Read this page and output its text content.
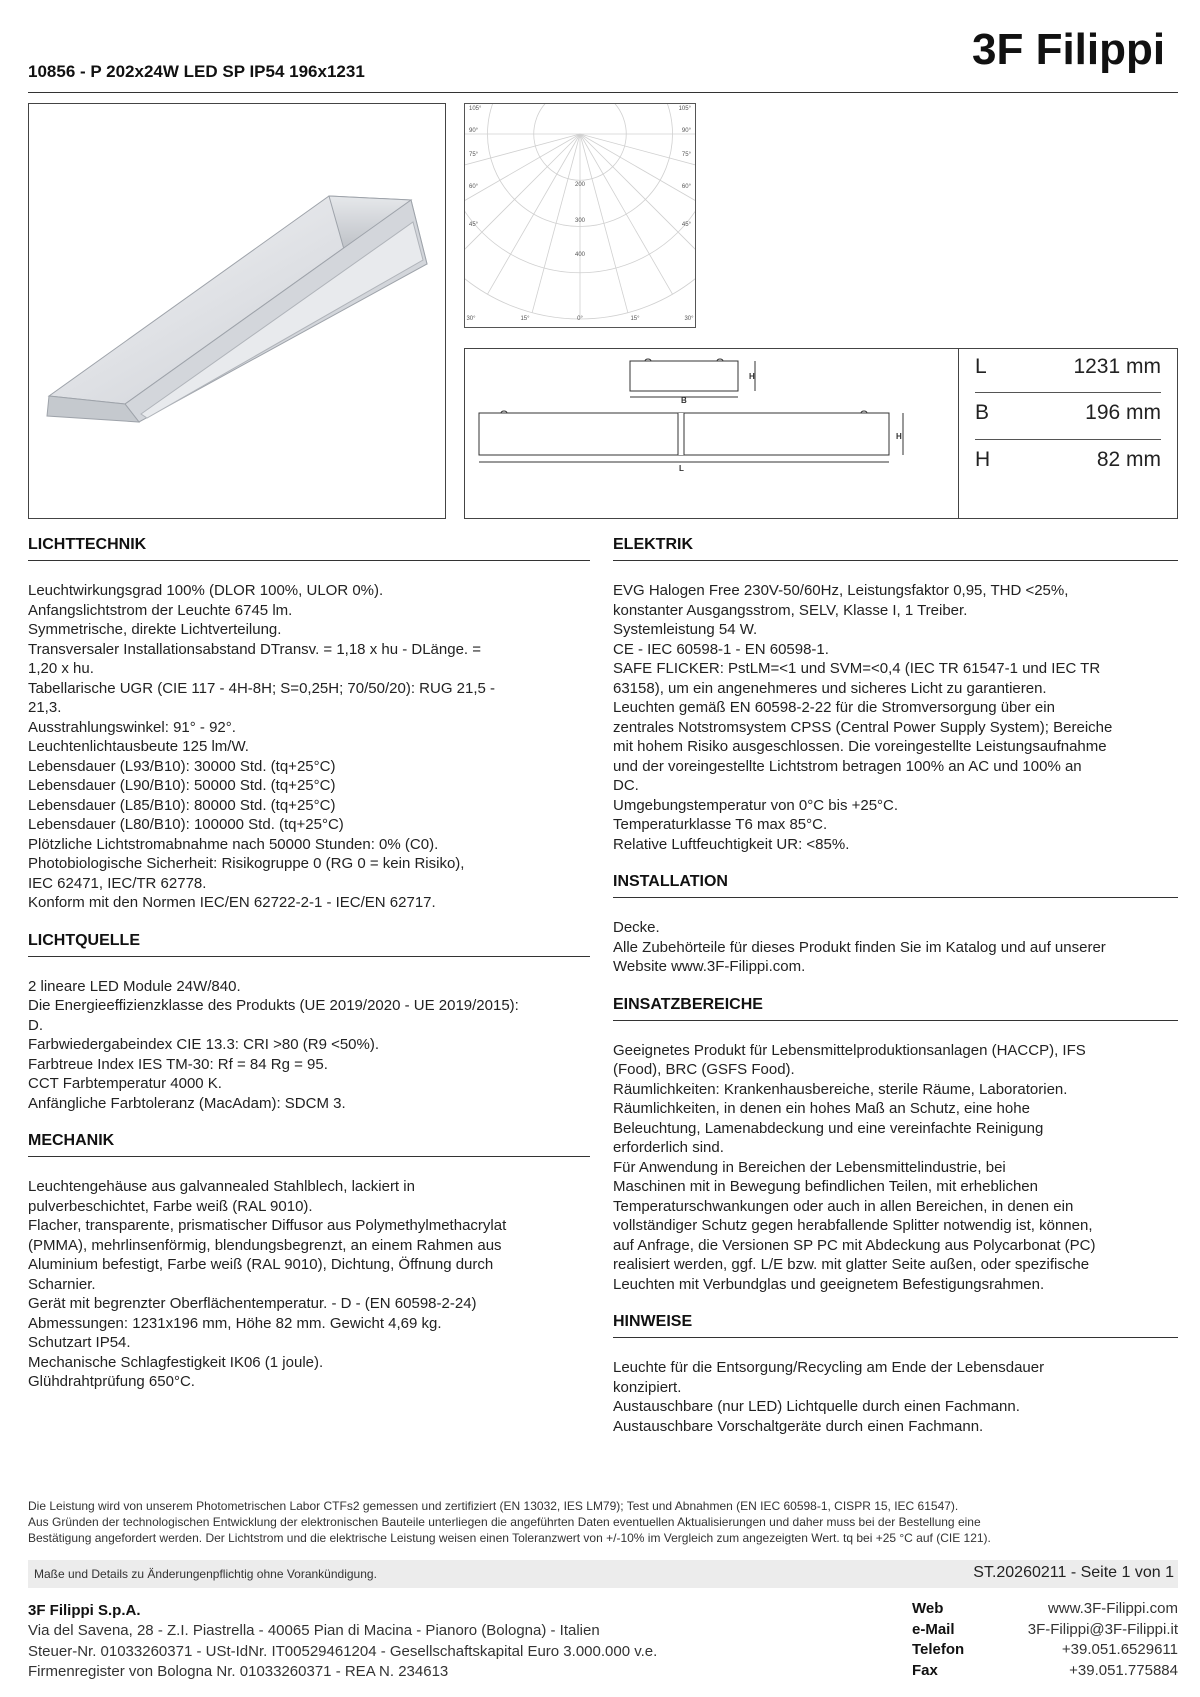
10856 - P 202x24W LED SP IP54 196x1231	3F Filippi
105°	105°
90°	90°
75°	75°
60°	60°
45°	45°
30°	15°	0°	15°	30°
200
300
400
B
H
H
L
L	1231 mm
B	196 mm
H	82 mm
LICHTTECHNIK
Leuchtwirkungsgrad 100% (DLOR 100%, ULOR 0%).
Anfangslichtstrom der Leuchte 6745 lm.
Symmetrische, direkte Lichtverteilung.
Transversaler Installationsabstand DTransv. = 1,18 x hu - DLänge. =
1,20 x hu.
Tabellarische UGR (CIE 117 - 4H-8H; S=0,25H; 70/50/20): RUG 21,5 -
21,3.
Ausstrahlungswinkel: 91° - 92°.
Leuchtenlichtausbeute 125 lm/W.
Lebensdauer (L93/B10): 30000 Std. (tq+25°C)
Lebensdauer (L90/B10): 50000 Std. (tq+25°C)
Lebensdauer (L85/B10): 80000 Std. (tq+25°C)
Lebensdauer (L80/B10): 100000 Std. (tq+25°C)
Plötzliche Lichtstromabnahme nach 50000 Stunden: 0% (C0).
Photobiologische Sicherheit: Risikogruppe 0 (RG 0 = kein Risiko),
IEC 62471, IEC/TR 62778.
Konform mit den Normen IEC/EN 62722-2-1 - IEC/EN 62717.
LICHTQUELLE
2 lineare LED Module 24W/840.
Die Energieeffizienzklasse des Produkts (UE 2019/2020 - UE 2019/2015):
D.
Farbwiedergabeindex CIE 13.3: CRI >80 (R9 <50%).
Farbtreue Index IES TM-30: Rf = 84 Rg = 95.
CCT Farbtemperatur 4000 K.
Anfängliche Farbtoleranz (MacAdam): SDCM 3.
MECHANIK
Leuchtengehäuse aus galvannealed Stahlblech, lackiert in
pulverbeschichtet, Farbe weiß (RAL 9010).
Flacher, transparente, prismatischer Diffusor aus Polymethylmethacrylat
(PMMA), mehrlinsenförmig, blendungsbegrenzt, an einem Rahmen aus
Aluminium befestigt, Farbe weiß (RAL 9010), Dichtung, Öffnung durch
Scharnier.
Gerät mit begrenzter Oberflächentemperatur. - D - (EN 60598-2-24)
Abmessungen: 1231x196 mm, Höhe 82 mm. Gewicht 4,69 kg.
Schutzart IP54.
Mechanische Schlagfestigkeit IK06 (1 joule).
Glühdrahtprüfung 650°C.
ELEKTRIK
EVG Halogen Free 230V-50/60Hz, Leistungsfaktor 0,95, THD <25%,
konstanter Ausgangsstrom, SELV, Klasse I, 1 Treiber.
Systemleistung 54 W.
CE - IEC 60598-1 - EN 60598-1.
SAFE FLICKER: PstLM=<1 und SVM=<0,4 (IEC TR 61547-1 und IEC TR
63158), um ein angenehmeres und sicheres Licht zu garantieren.
Leuchten gemäß EN 60598-2-22 für die Stromversorgung über ein
zentrales Notstromsystem CPSS (Central Power Supply System); Bereiche
mit hohem Risiko ausgeschlossen. Die voreingestellte Leistungsaufnahme
und der voreingestellte Lichtstrom betragen 100% an AC und 100% an
DC.
Umgebungstemperatur von 0°C bis +25°C.
Temperaturklasse T6 max 85°C.
Relative Luftfeuchtigkeit UR: <85%.
INSTALLATION
Decke.
Alle Zubehörteile für dieses Produkt finden Sie im Katalog und auf unserer
Website www.3F-Filippi.com.
EINSATZBEREICHE
Geeignetes Produkt für Lebensmittelproduktionsanlagen (HACCP), IFS
(Food), BRC (GSFS Food).
Räumlichkeiten: Krankenhausbereiche, sterile Räume, Laboratorien.
Räumlichkeiten, in denen ein hohes Maß an Schutz, eine hohe
Beleuchtung, Lamenabdeckung und eine vereinfachte Reinigung
erforderlich sind.
Für Anwendung in Bereichen der Lebensmittelindustrie, bei
Maschinen mit in Bewegung befindlichen Teilen, mit erheblichen
Temperaturschwankungen oder auch in allen Bereichen, in denen ein
vollständiger Schutz gegen herabfallende Splitter notwendig ist, können,
auf Anfrage, die Versionen SP PC mit Abdeckung aus Polycarbonat (PC)
realisiert werden, ggf. L/E bzw. mit glatter Seite außen, oder spezifische
Leuchten mit Verbundglas und geeignetem Befestigungsrahmen.
HINWEISE
Leuchte für die Entsorgung/Recycling am Ende der Lebensdauer
konzipiert.
Austauschbare (nur LED) Lichtquelle durch einen Fachmann.
Austauschbare Vorschaltgeräte durch einen Fachmann.
Die Leistung wird von unserem Photometrischen Labor CTFs2 gemessen und zertifiziert (EN 13032, IES LM79); Test und Abnahmen (EN IEC 60598-1, CISPR 15, IEC 61547).
Aus Gründen der technologischen Entwicklung der elektronischen Bauteile unterliegen die angeführten Daten eventuellen Aktualisierungen und daher muss bei der Bestellung eine
Bestätigung angefordert werden. Der Lichtstrom und die elektrische Leistung weisen einen Toleranzwert von +/-10% im Vergleich zum angezeigten Wert. tq bei +25 °C auf (CIE 121).
Maße und Details zu Änderungenpflichtig ohne Vorankündigung.	ST.20260211 - Seite 1 von 1
3F Filippi S.p.A.
Via del Savena, 28 - Z.I. Piastrella - 40065 Pian di Macina - Pianoro (Bologna) - Italien
Steuer-Nr. 01033260371 - USt-IdNr. IT00529461204 - Gesellschaftskapital Euro 3.000.000 v.e.
Firmenregister von Bologna Nr. 01033260371 - REA N. 234613
Web	www.3F-Filippi.com
e-Mail	3F-Filippi@3F-Filippi.it
Telefon	+39.051.6529611
Fax	+39.051.775884
